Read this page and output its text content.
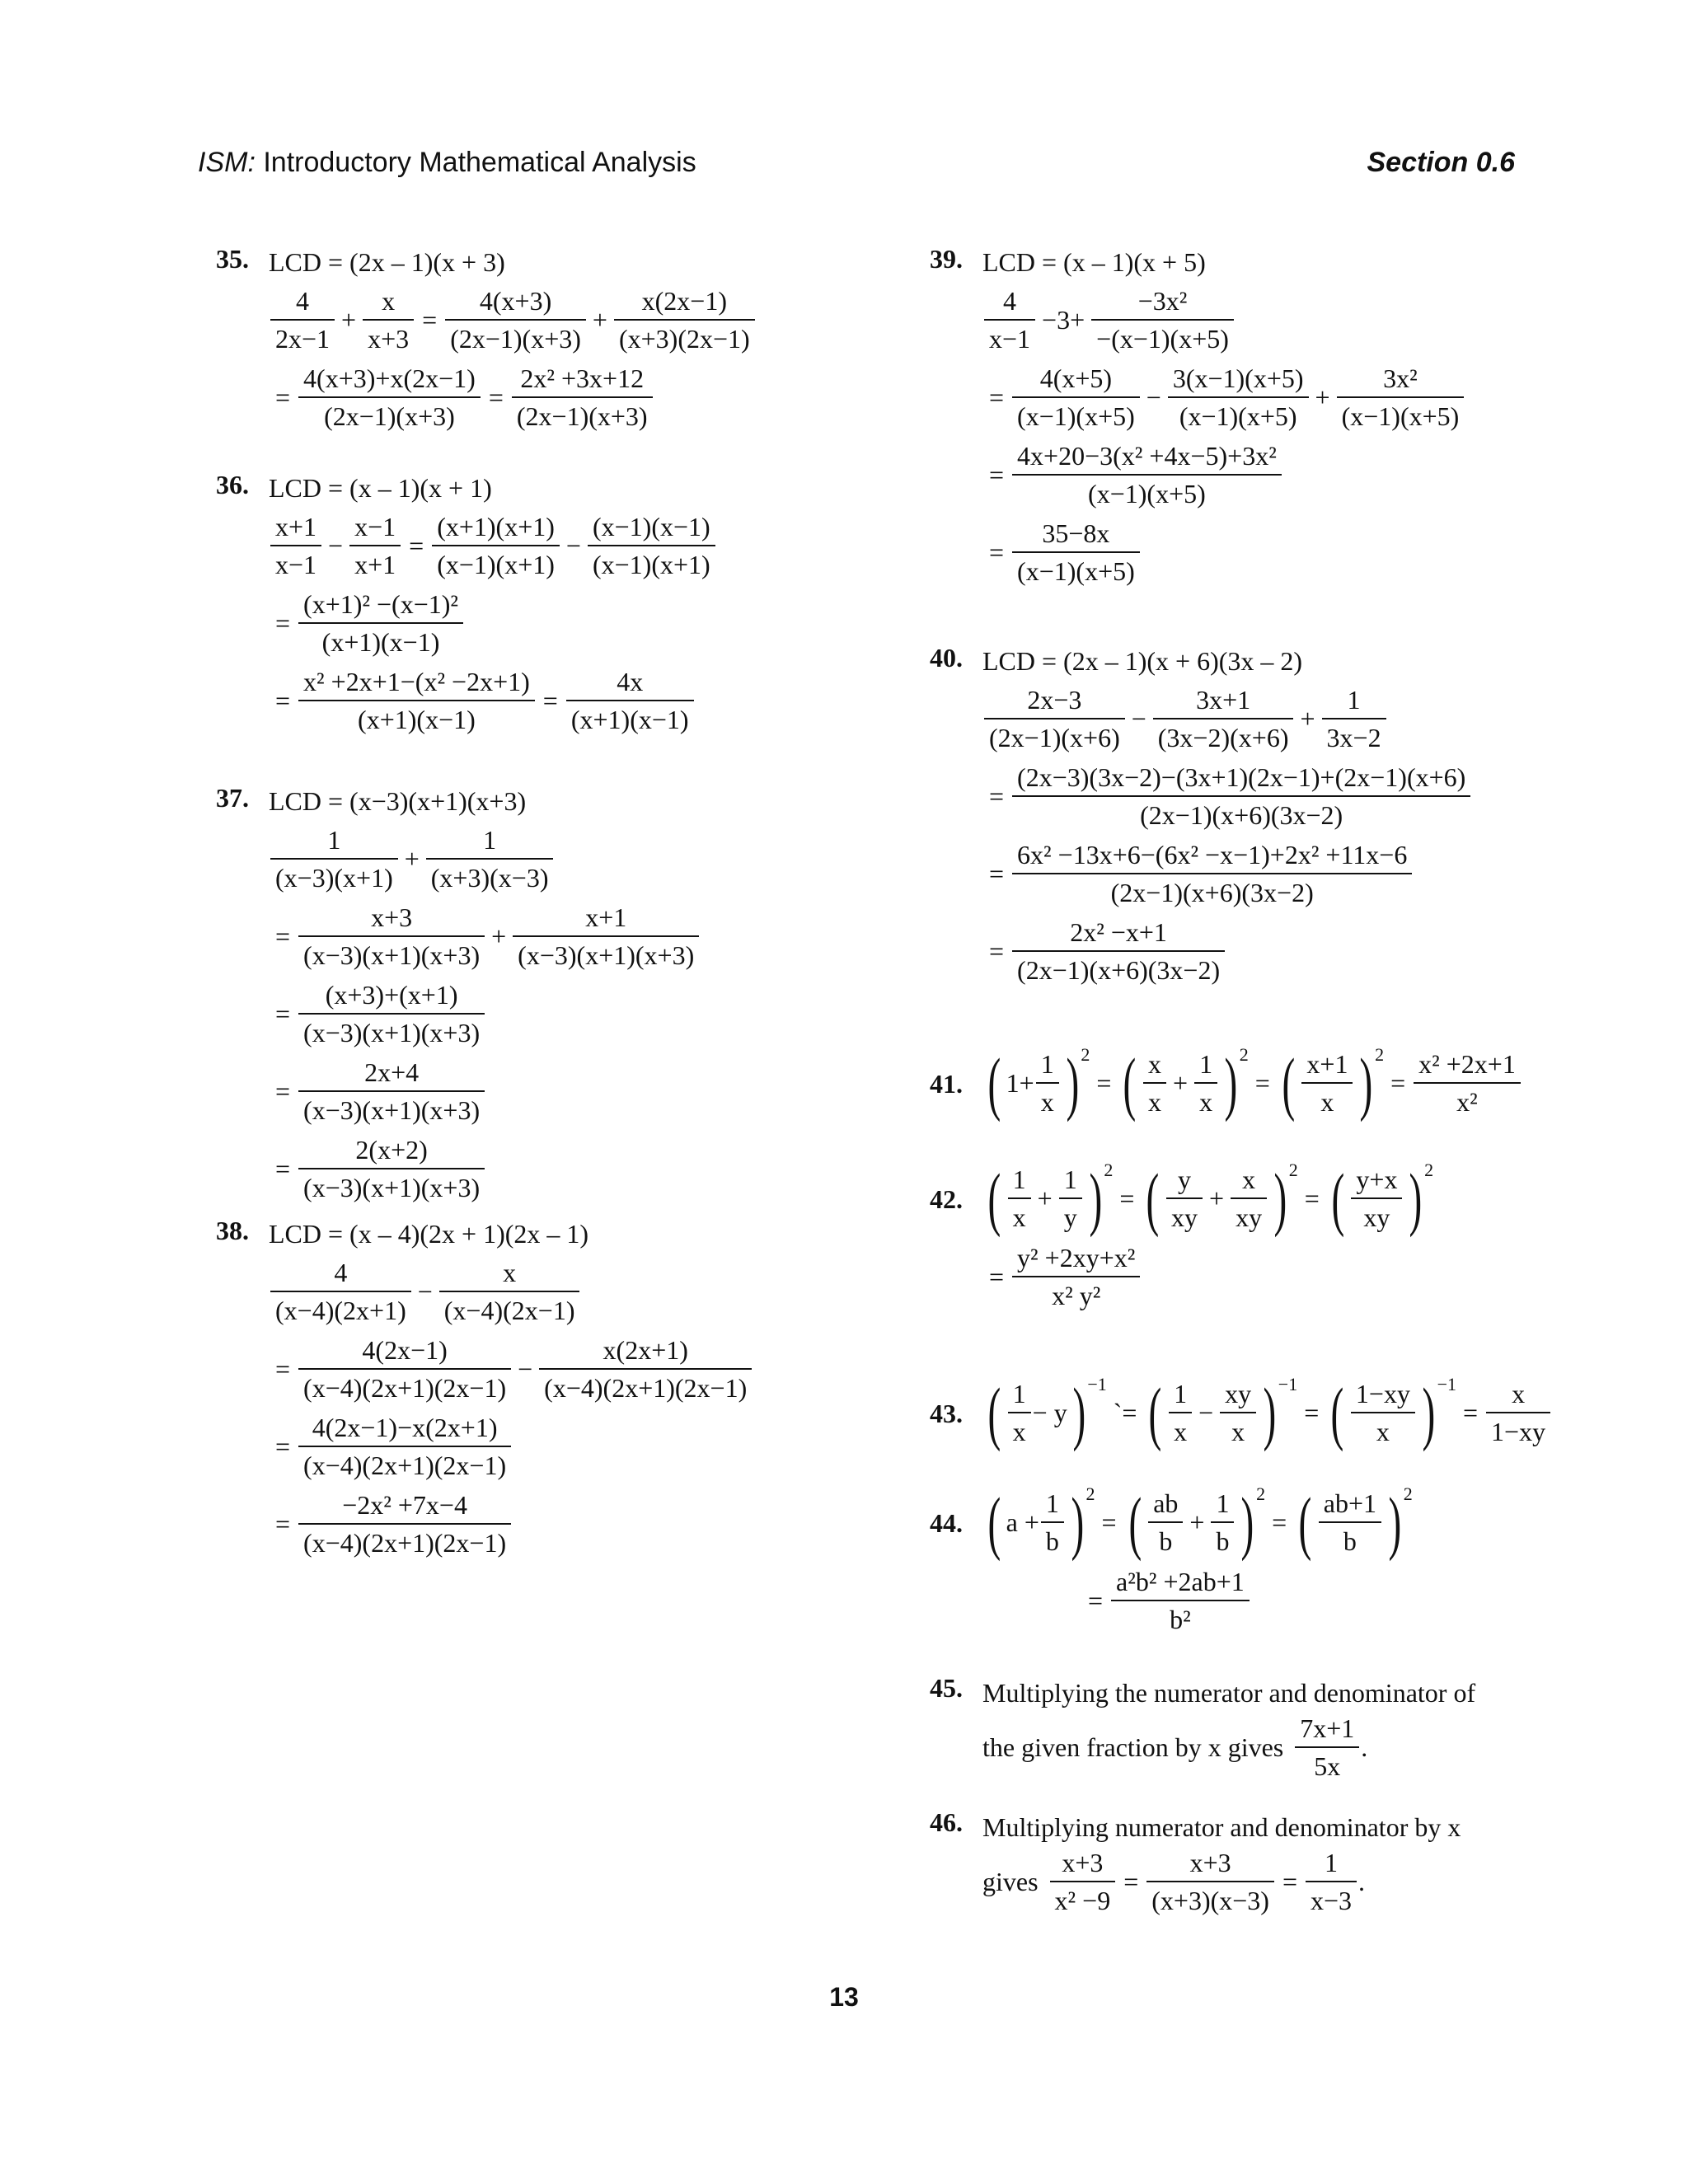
ISM: Introductory Mathematical Analysis	Section 0.6
35. LCD = (2x – 1)(x + 3)
$\frac{4}{2x-1} + \frac{x}{x+3} = \frac{4(x+3)}{(2x-1)(x+3)} + \frac{x(2x-1)}{(x+3)(2x-1)}$
= $\frac{4(x+3)+x(2x-1)}{(2x-1)(x+3)} = \frac{\text{2x² +3x+12}}{(2x-1)(x+3)}$
36. LCD = (x – 1)(x + 1)
$\frac{x+1}{x-1} - \frac{x-1}{x+1} = \frac{(x+1)(x+1)}{(x-1)(x+1)} - \frac{(x-1)(x-1)}{(x-1)(x+1)}$
= $\frac{\text{(x+1)² −(x−1)²}}{(x+1)(x-1)}$
= $\frac{\text{x² +2x+1−(x² −2x+1)}}{(x+1)(x-1)} = \frac{4x}{(x+1)(x-1)}$
37. LCD = (x−3)(x+1)(x+3)
$\frac{1}{(x-3)(x+1)} + \frac{1}{(x+3)(x-3)}$
= $\frac{x+3}{(x-3)(x+1)(x+3)} + \frac{x+1}{(x-3)(x+1)(x+3)}$
= $\frac{(x+3)+(x+1)}{(x-3)(x+1)(x+3)}$
= $\frac{2x+4}{(x-3)(x+1)(x+3)}$
= $\frac{2(x+2)}{(x-3)(x+1)(x+3)}$
38. LCD = (x – 4)(2x + 1)(2x – 1)
$\frac{4}{(x-4)(2x+1)} - \frac{x}{(x-4)(2x-1)}$
= $\frac{4(2x-1)}{(x-4)(2x+1)(2x-1)} - \frac{x(2x+1)}{(x-4)(2x+1)(2x-1)}$
= $\frac{4(2x-1)-x(2x+1)}{(x-4)(2x+1)(2x-1)}$
= $\frac{\text{−2x² +7x−4}}{(x-4)(2x+1)(2x-1)}$
39. LCD = (x – 1)(x + 5)
$\frac{4}{x-1} -3+ \frac{\text{−3x²}}{-(x-1)(x+5)}$
= $\frac{4(x+5)}{(x-1)(x+5)} - \frac{3(x-1)(x+5)}{(x-1)(x+5)} + \frac{\text{3x²}}{(x-1)(x+5)}$
= $\frac{\text{4x+20−3(x² +4x−5)+3x²}}{(x-1)(x+5)}$
= $\frac{35-8x}{(x-1)(x+5)}$
40. LCD = (2x – 1)(x + 6)(3x – 2)
$\frac{2x-3}{(2x-1)(x+6)} - \frac{3x+1}{(3x-2)(x+6)} + \frac{1}{3x-2}$
= $\frac{(2x-3)(3x-2)-(3x+1)(2x-1)+(2x-1)(x+6)}{(2x-1)(x+6)(3x-2)}$
= $\frac{\text{6x² −13x+6−(6x² −x−1)+2x² +11x−6}}{(2x-1)(x+6)(3x-2)}$
= $\frac{\text{2x² −x+1}}{(2x-1)(x+6)(3x-2)}$
41. ( $1+ \frac{1}{x}$ ) 2
= ( $\frac{x}{x} + \frac{1}{x}$ ) 2
= ( $\frac{x+1}{x}$ ) 2
= $\frac{\text{x² +2x+1}}{\text{x²}}$
42. ( $\frac{1}{x} + \frac{1}{y}$ ) 2
= ( $\frac{y}{xy} + \frac{x}{xy}$ ) 2
= ( $\frac{y+x}{xy}$ ) 2
= $\frac{\text{y² +2xy+x²}}{\text{x² y²}}$
43. ( $\frac{1}{x} - y$ ) −1
`= ( $\frac{1}{x} - \frac{xy}{x}$ ) −1
= ( $\frac{1-xy}{x}$ ) −1
= $\frac{x}{1-xy}$
44. ( $a + \frac{1}{b}$ ) 2
= ( $\frac{ab}{b} + \frac{1}{b}$ ) 2
= ( $\frac{ab+1}{b}$ ) 2
= $\frac{\text{a²b² +2ab+1}}{\text{b²}}$
45. Multiplying the numerator and denominator of
the given fraction by x gives $\frac{7x+1}{5x}$ .
46. Multiplying numerator and denominator by x
gives $\frac{x+3}{\text{x² −9}} = \frac{x+3}{(x+3)(x-3)} = \frac{1}{x-3}$ .
13
